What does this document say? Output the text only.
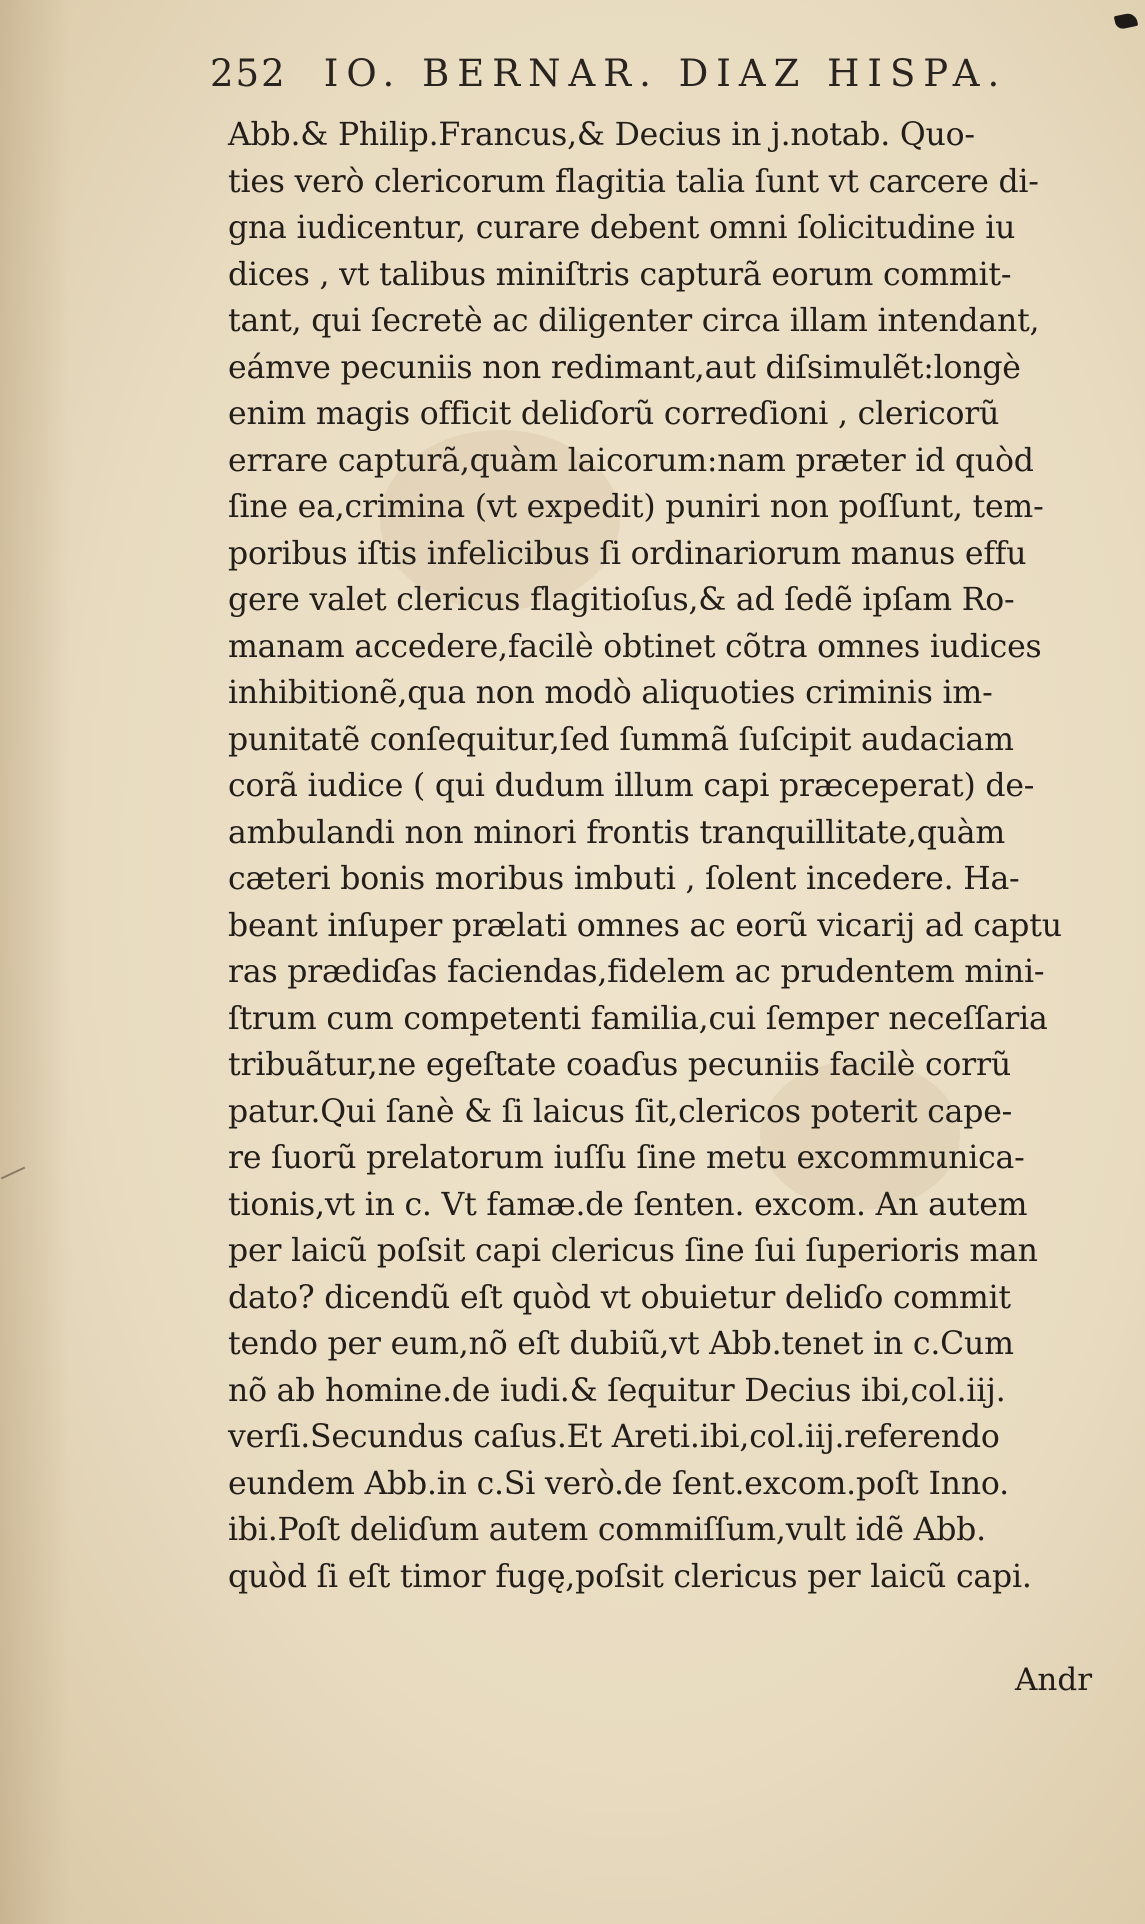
252 IO. BERNAR. DIAZ HISPA.
Abb.& Philip.Francus,& Decius in j.notab. Quo-
ties verò clericorum flagitia talia ſunt vt carcere di-
gna iudicentur, curare debent omni ſolicitudine iu
dices , vt talibus miniſtris capturã eorum commit-
tant, qui ſecretè ac diligenter circa illam intendant,
eámve pecuniis non redimant,aut diſsimulẽt:longè
enim magis officit deliɗorũ correɗioni , clericorũ
errare capturã,quàm laicorum:nam præter id quòd
ſine ea,crimina (vt expedit) puniri non poſſunt, tem-
poribus iſtis infelicibus ſi ordinariorum manus effu
gere valet clericus flagitioſus,& ad ſedẽ ipſam Ro-
manam accedere,facilè obtinet cõtra omnes iudices
inhibitionẽ,qua non modò aliquoties criminis im-
punitatẽ conſequitur,ſed ſummã ſuſcipit audaciam
corã iudice ( qui dudum illum capi præceperat) de-
ambulandi non minori frontis tranquillitate,quàm
cæteri bonis moribus imbuti , ſolent incedere. Ha-
beant inſuper prælati omnes ac eorũ vicarij ad captu
ras prædiɗas faciendas,fidelem ac prudentem mini-
ſtrum cum competenti familia,cui ſemper neceſſaria
tribuãtur,ne egeſtate coaɗus pecuniis facilè corrũ
patur.Qui ſanè & ſi laicus ſit,clericos poterit cape-
re ſuorũ prelatorum iuſſu ſine metu excommunica-
tionis,vt in c. Vt famæ.de ſenten. excom. An autem
per laicũ poſsit capi clericus ſine ſui ſuperioris man
dato? dicendũ eſt quòd vt obuietur deliɗo commit
tendo per eum,nõ eſt dubiũ,vt Abb.tenet in c.Cum
nõ ab homine.de iudi.& ſequitur Decius ibi,col.iij.
verſi.Secundus caſus.Et Areti.ibi,col.iij.referendo
eundem Abb.in c.Si verò.de ſent.excom.poſt Inno.
ibi.Poſt deliɗum autem commiſſum,vult idẽ Abb.
quòd ſi eſt timor fugę,poſsit clericus per laicũ capi.
Andr
